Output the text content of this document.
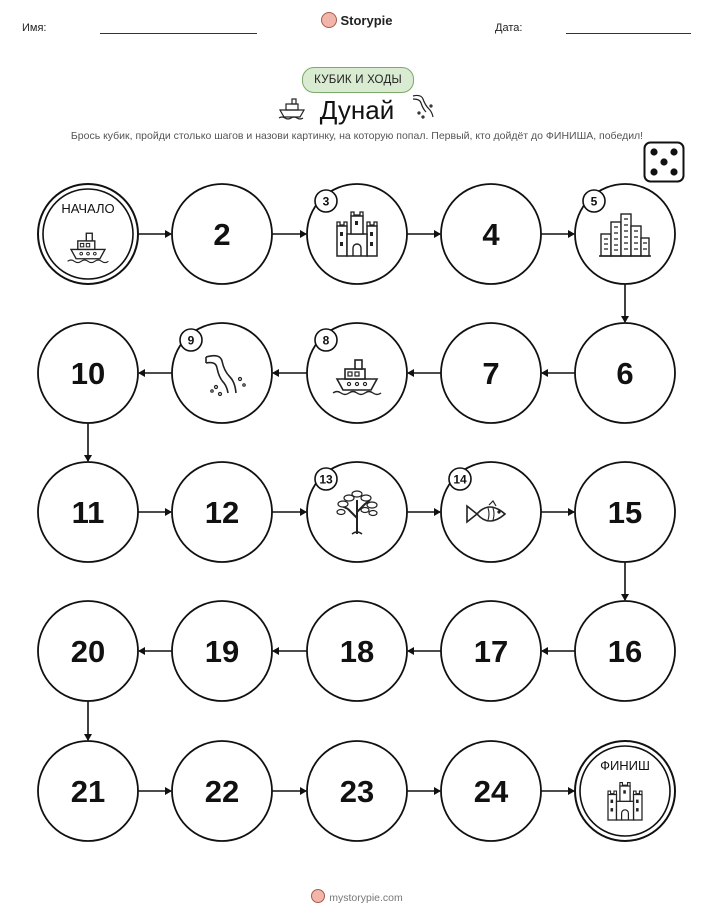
Имя:	Storypie	Дата:
КУБИК И ХОДЫ
Дунай
Брось кубик, пройди столько шагов и назови картинку, на которую попал. Первый, кто дойдёт до ФИНИША, победил!
НАЧАЛО
2
3
4
5
6
7
8
9
10
11	12
13	14
15
16
17
18
19
20
21	22	23	24
ФИНИШ
mystorypie.com
